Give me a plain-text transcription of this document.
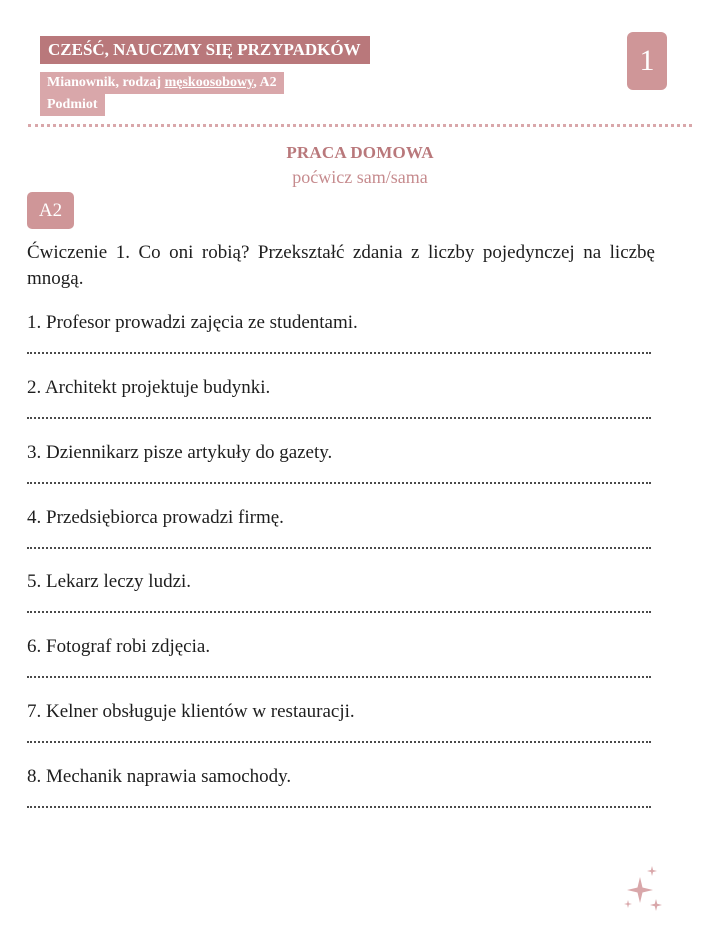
CZEŚĆ, NAUCZMY SIĘ PRZYPADKÓW
Mianownik, rodzaj męskoosobowy, A2
Podmiot
1
PRACA DOMOWA
poćwicz sam/sama
A2
Ćwiczenie 1. Co oni robią? Przekształć zdania z liczby pojedynczej na liczbę mnogą.
1. Profesor prowadzi zajęcia ze studentami.
2. Architekt projektuje budynki.
3. Dziennikarz pisze artykuły do gazety.
4. Przedsiębiorca prowadzi firmę.
5. Lekarz leczy ludzi.
6. Fotograf robi zdjęcia.
7. Kelner obsługuje klientów w restauracji.
8. Mechanik naprawia samochody.
